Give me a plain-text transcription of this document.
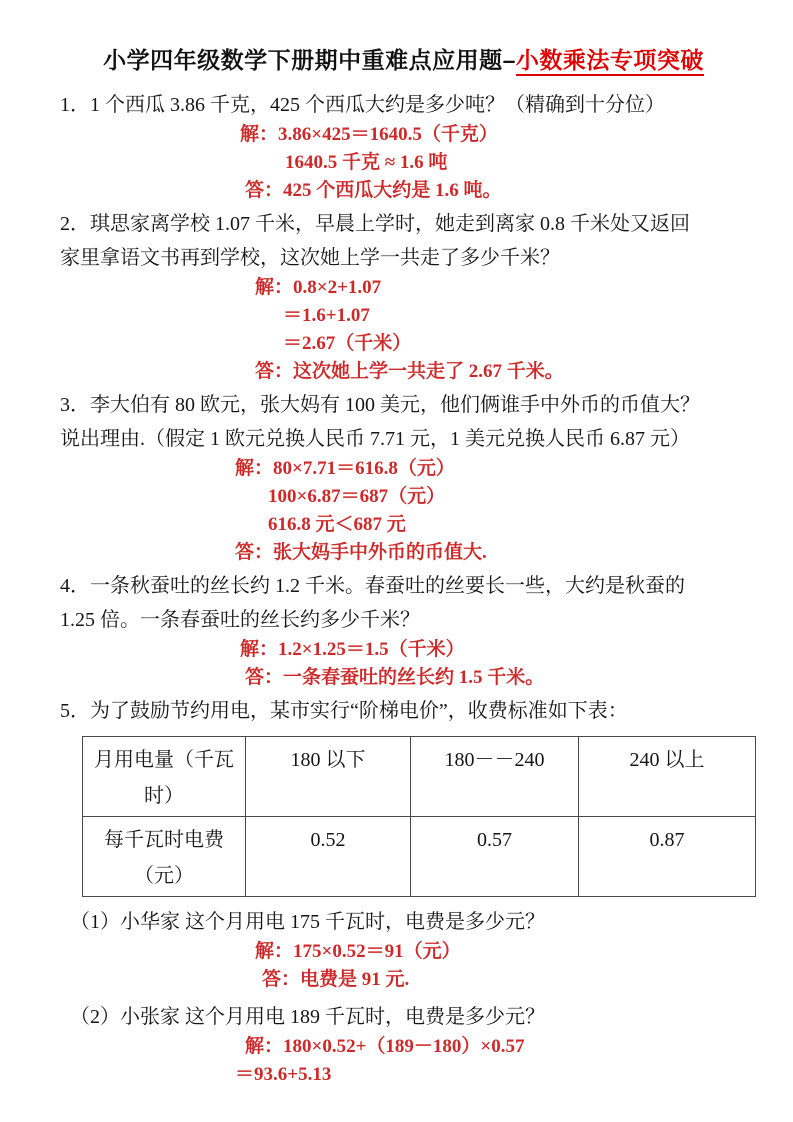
小学四年级数学下册期中重难点应用题–小数乘法专项突破

1．1 个西瓜 3.86 千克，425 个西瓜大约是多少吨？（精确到十分位）

解：3.86×425＝1640.5（千克）

1640.5 千克 ≈ 1.6 吨

答：425 个西瓜大约是 1.6 吨。

2．琪思家离学校 1.07 千米，早晨上学时，她走到离家 0.8 千米处又返回

家里拿语文书再到学校，这次她上学一共走了多少千米？

解：0.8×2+1.07

＝1.6+1.07

＝2.67（千米）

答：这次她上学一共走了 2.67 千米。

3．李大伯有 80 欧元，张大妈有 100 美元，他们俩谁手中外币的币值大？

说出理由.（假定 1 欧元兑换人民币 7.71 元，1 美元兑换人民币 6.87 元）

解：80×7.71＝616.8（元）

100×6.87＝687（元）

616.8 元＜687 元

答：张大妈手中外币的币值大.

4．一条秋蚕吐的丝长约 1.2 千米。春蚕吐的丝要长一些，大约是秋蚕的

1.25 倍。一条春蚕吐的丝长约多少千米？

解：1.2×1.25＝1.5（千米）

答：一条春蚕吐的丝长约 1.5 千米。

5．为了鼓励节约用电，某市实行“阶梯电价”，收费标准如下表：

月用电量（千瓦时）	180 以下	180－－240	240 以上
每千瓦时电费（元）	0.52	0.57	0.87

（1）小华家 这个月用电 175 千瓦时，电费是多少元？

解：175×0.52＝91（元）

答：电费是 91 元.

（2）小张家 这个月用电 189 千瓦时，电费是多少元？

解：180×0.52+（189－180）×0.57

＝93.6+5.13
